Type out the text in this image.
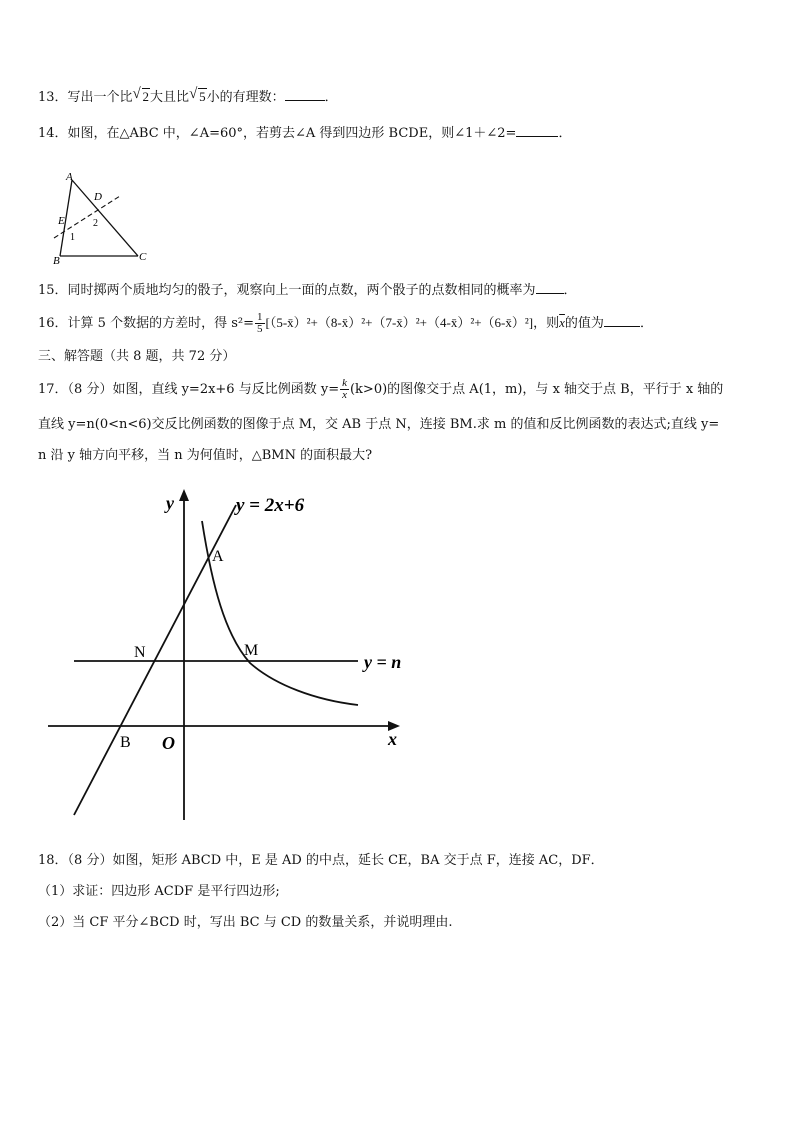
13．写出一个比 √ 2大且比 √ 5小的有理数：	．
14．如图，在△ABC 中，∠A=60°，若剪去∠A 得到四边形 BCDE，则∠1＋∠2=	．
A
B	C
D
E
1
2
15．同时掷两个质地均匀的骰子，观察向上一面的点数，两个骰子的点数相同的概率为 ．
16．计算 5 个数据的方差时，得 $s^2= \frac{1}{5}$ [（5-x̄）²+（8-x̄）²+（7-x̄）²+（4-x̄）²+（6-x̄）²]，则$\overline{x}$的值为	．
三、解答题（共 8 题，共 72 分）
17．（8 分）如图，直线 y=2x+6 与反比例函数 $y= \frac{k}{x} (k>0)$的图像交于点 A(1，m)，与 x 轴交于点 B，平行于 x 轴的
直线 y=n(0<n<6)交反比例函数的图像于点 M，交 AB 于点 N，连接 BM.求 m 的值和反比例函数的表达式;直线 y=
n 沿 y 轴方向平移，当 n 为何值时，△BMN 的面积最大?
y
x
O
y = 2x+6
y = n
A
B
M
N
18．（8 分）如图，矩形 ABCD 中，E 是 AD 的中点，延长 CE，BA 交于点 F，连接 AC，DF．
（1）求证：四边形 ACDF 是平行四边形;
（2）当 CF 平分∠BCD 时，写出 BC 与 CD 的数量关系，并说明理由.
